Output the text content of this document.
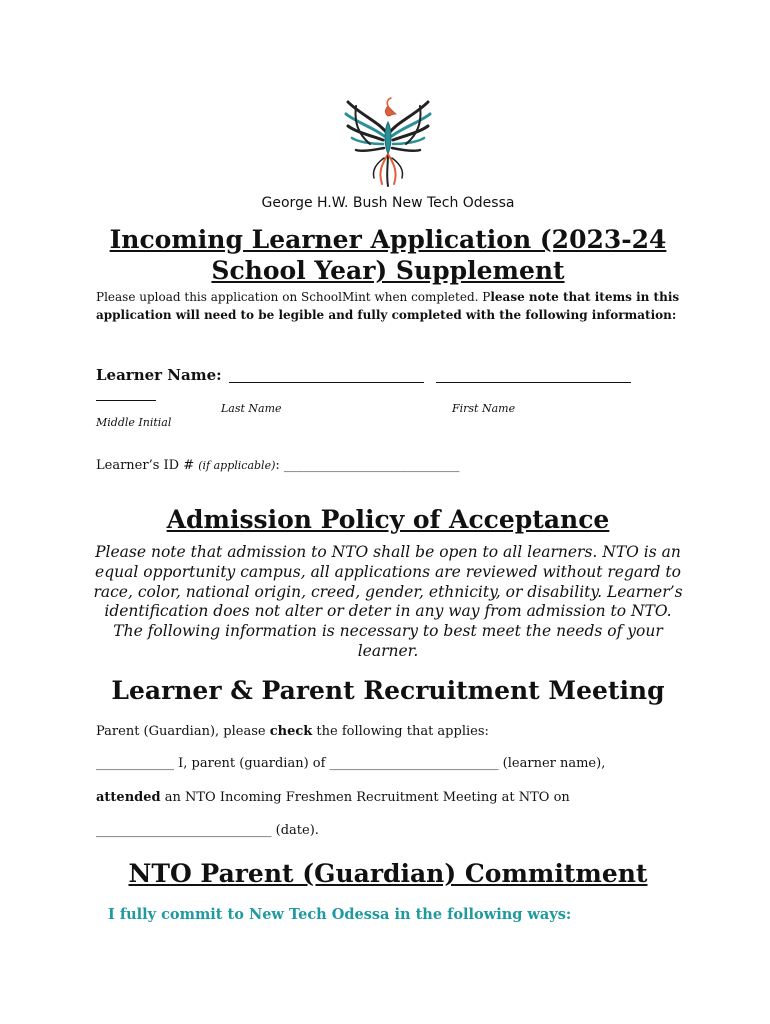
George H.W. Bush New Tech Odessa
Incoming Learner Application (2023-24
School Year) Supplement
Please upload this application on SchoolMint when completed. Please note that items in this application will need to be legible and fully completed with the following information:
Learner Name:
Last Name	First Name
Middle Initial
Learner’s ID # (if applicable): ___________________________
Admission Policy of Acceptance
Please note that admission to NTO shall be open to all learners. NTO is an equal opportunity campus, all applications are reviewed without regard to race, color, national origin, creed, gender, ethnicity, or disability. Learner’s identification does not alter or deter in any way from admission to NTO. The following information is necessary to best meet the needs of your learner.
Learner & Parent Recruitment Meeting
Parent (Guardian), please check the following that applies:
____________ I, parent (guardian) of __________________________ (learner name),
attended an NTO Incoming Freshmen Recruitment Meeting at NTO on
___________________________ (date).
NTO Parent (Guardian) Commitment
I fully commit to New Tech Odessa in the following ways:
